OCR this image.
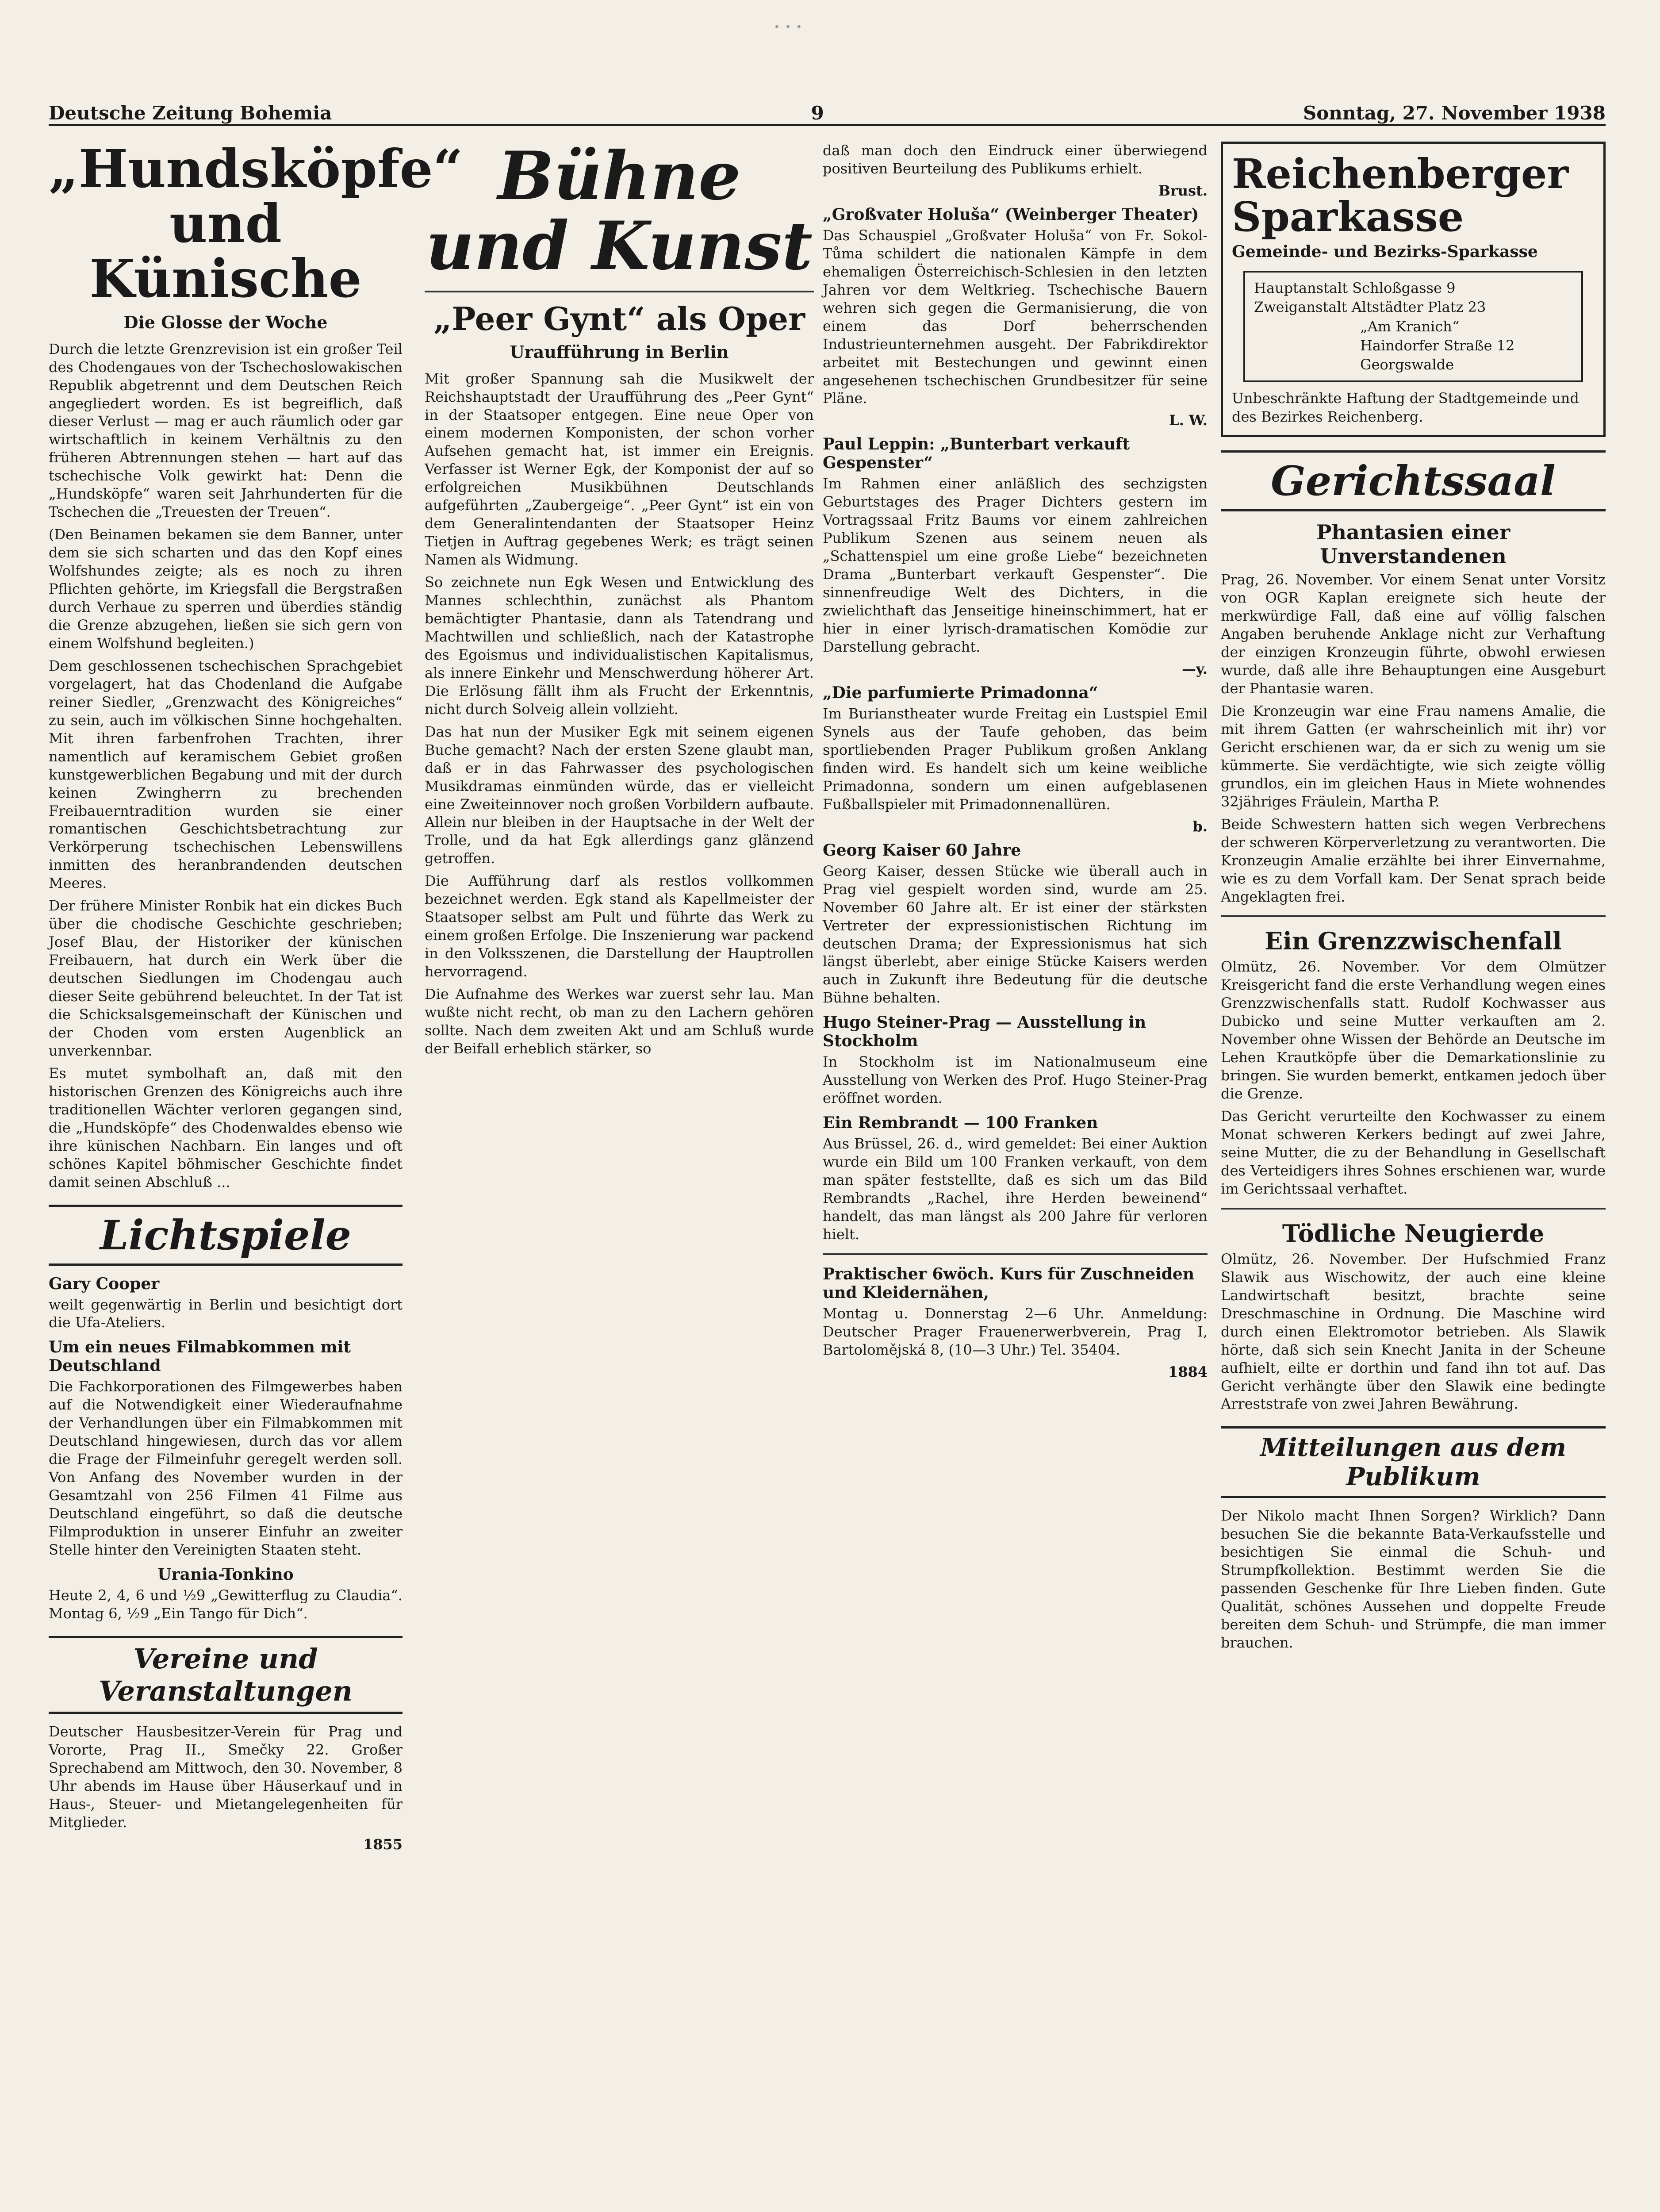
· · ·
Deutsche Zeitung Bohemia	9	Sonntag, 27. November 1938
„Hundsköpfe“
und Künische
Die Glosse der Woche

Durch die letzte Grenzrevision ist ein großer Teil des Chodengaues von der Tschechoslowakischen Republik abgetrennt und dem Deutschen Reich angegliedert worden. Es ist begreiflich, daß dieser Verlust — mag er auch räumlich oder gar wirtschaftlich in keinem Verhältnis zu den früheren Abtrennungen stehen — hart auf das tschechische Volk gewirkt hat: Denn die „Hundsköpfe“ waren seit Jahrhunderten für die Tschechen die „Treuesten der Treuen“.

(Den Beinamen bekamen sie dem Banner, unter dem sie sich scharten und das den Kopf eines Wolfshundes zeigte; als es noch zu ihren Pflichten gehörte, im Kriegsfall die Bergstraßen durch Verhaue zu sperren und überdies ständig die Grenze abzugehen, ließen sie sich gern von einem Wolfshund begleiten.)

Dem geschlossenen tschechischen Sprachgebiet vorgelagert, hat das Chodenland die Aufgabe reiner Siedler, „Grenzwacht des Königreiches“ zu sein, auch im völkischen Sinne hochgehalten. Mit ihren farbenfrohen Trachten, ihrer namentlich auf keramischem Gebiet großen kunstgewerblichen Begabung und mit der durch keinen Zwingherrn zu brechenden Freibauerntradition wurden sie einer romantischen Geschichtsbetrachtung zur Verkörperung tschechischen Lebenswillens inmitten des heranbrandenden deutschen Meeres.

Der frühere Minister Ronbik hat ein dickes Buch über die chodische Geschichte geschrieben; Josef Blau, der Historiker der künischen Freibauern, hat durch ein Werk über die deutschen Siedlungen im Chodengau auch dieser Seite gebührend beleuchtet. In der Tat ist die Schicksalsgemeinschaft der Künischen und der Choden vom ersten Augenblick an unverkennbar.

Es mutet symbolhaft an, daß mit den historischen Grenzen des Königreichs auch ihre traditionellen Wächter verloren gegangen sind, die „Hundsköpfe“ des Chodenwaldes ebenso wie ihre künischen Nachbarn. Ein langes und oft schönes Kapitel böhmischer Geschichte findet damit seinen Abschluß ...

Lichtspiele
Gary Cooper

weilt gegenwärtig in Berlin und besichtigt dort die Ufa-Ateliers.

Um ein neues Filmabkommen mit Deutschland

Die Fachkorporationen des Filmgewerbes haben auf die Notwendigkeit einer Wiederaufnahme der Verhandlungen über ein Filmabkommen mit Deutschland hingewiesen, durch das vor allem die Frage der Filmeinfuhr geregelt werden soll. Von Anfang des November wurden in der Gesamtzahl von 256 Filmen 41 Filme aus Deutschland eingeführt, so daß die deutsche Filmproduktion in unserer Einfuhr an zweiter Stelle hinter den Vereinigten Staaten steht.

Urania-Tonkino

Heute 2, 4, 6 und ½9 „Gewitterflug zu Claudia“. Montag 6, ½9 „Ein Tango für Dich“.

Vereine und Veranstaltungen

Deutscher Hausbesitzer-Verein für Prag und Vororte, Prag II., Smečky 22. Großer Sprechabend am Mittwoch, den 30. November, 8 Uhr abends im Hause über Häuserkauf und in Haus-, Steuer- und Mietangelegenheiten für Mitglieder.

1855
Bühne und Kunst
„Peer Gynt“ als Oper
Uraufführung in Berlin

Mit großer Spannung sah die Musikwelt der Reichshauptstadt der Uraufführung des „Peer Gynt“ in der Staatsoper entgegen. Eine neue Oper von einem modernen Komponisten, der schon vorher Aufsehen gemacht hat, ist immer ein Ereignis. Verfasser ist Werner Egk, der Komponist der auf so erfolgreichen Musikbühnen Deutschlands aufgeführten „Zaubergeige“. „Peer Gynt“ ist ein von dem Generalintendanten der Staatsoper Heinz Tietjen in Auftrag gegebenes Werk; es trägt seinen Namen als Widmung.

So zeichnete nun Egk Wesen und Entwicklung des Mannes schlechthin, zunächst als Phantom bemächtigter Phantasie, dann als Tatendrang und Machtwillen und schließlich, nach der Katastrophe des Egoismus und individualistischen Kapitalismus, als innere Einkehr und Menschwerdung höherer Art. Die Erlösung fällt ihm als Frucht der Erkenntnis, nicht durch Solveig allein vollzieht.

Das hat nun der Musiker Egk mit seinem eigenen Buche gemacht? Nach der ersten Szene glaubt man, daß er in das Fahrwasser des psychologischen Musikdramas einmünden würde, das er vielleicht eine Zweiteinnover noch großen Vorbildern aufbaute. Allein nur bleiben in der Hauptsache in der Welt der Trolle, und da hat Egk allerdings ganz glänzend getroffen.

Die Aufführung darf als restlos vollkommen bezeichnet werden. Egk stand als Kapellmeister der Staatsoper selbst am Pult und führte das Werk zu einem großen Erfolge. Die Inszenierung war packend in den Volksszenen, die Darstellung der Hauptrollen hervorragend.

Die Aufnahme des Werkes war zuerst sehr lau. Man wußte nicht recht, ob man zu den Lachern gehören sollte. Nach dem zweiten Akt und am Schluß wurde der Beifall erheblich stärker, so

daß man doch den Eindruck einer überwiegend positiven Beurteilung des Publikums erhielt.

Brust.
„Großvater Holuša“ (Weinberger Theater)

Das Schauspiel „Großvater Holuša“ von Fr. Sokol-Tůma schildert die nationalen Kämpfe in dem ehemaligen Österreichisch-Schlesien in den letzten Jahren vor dem Weltkrieg. Tschechische Bauern wehren sich gegen die Germanisierung, die von einem das Dorf beherrschenden Industrieunternehmen ausgeht. Der Fabrikdirektor arbeitet mit Bestechungen und gewinnt einen angesehenen tschechischen Grundbesitzer für seine Pläne.

L. W.
Paul Leppin: „Bunterbart verkauft Gespenster“

Im Rahmen einer anläßlich des sechzigsten Geburtstages des Prager Dichters gestern im Vortragssaal Fritz Baums vor einem zahlreichen Publikum Szenen aus seinem neuen als „Schattenspiel um eine große Liebe“ bezeichneten Drama „Bunterbart verkauft Gespenster“. Die sinnenfreudige Welt des Dichters, in die zwielichthaft das Jenseitige hineinschimmert, hat er hier in einer lyrisch-dramatischen Komödie zur Darstellung gebracht.

—y.
„Die parfumierte Primadonna“

Im Burianstheater wurde Freitag ein Lustspiel Emil Synels aus der Taufe gehoben, das beim sportliebenden Prager Publikum großen Anklang finden wird. Es handelt sich um keine weibliche Primadonna, sondern um einen aufgeblasenen Fußballspieler mit Primadonnenallüren.

b.
Georg Kaiser 60 Jahre

Georg Kaiser, dessen Stücke wie überall auch in Prag viel gespielt worden sind, wurde am 25. November 60 Jahre alt. Er ist einer der stärksten Vertreter der expressionistischen Richtung im deutschen Drama; der Expressionismus hat sich längst überlebt, aber einige Stücke Kaisers werden auch in Zukunft ihre Bedeutung für die deutsche Bühne behalten.

Hugo Steiner-Prag — Ausstellung in Stockholm

In Stockholm ist im Nationalmuseum eine Ausstellung von Werken des Prof. Hugo Steiner-Prag eröffnet worden.

Ein Rembrandt — 100 Franken

Aus Brüssel, 26. d., wird gemeldet: Bei einer Auktion wurde ein Bild um 100 Franken verkauft, von dem man später feststellte, daß es sich um das Bild Rembrandts „Rachel, ihre Herden beweinend“ handelt, das man längst als 200 Jahre für verloren hielt.

Praktischer 6wöch. Kurs für Zuschneiden und Kleidernähen,

Montag u. Donnerstag 2—6 Uhr. Anmeldung: Deutscher Prager Frauenerwerbverein, Prag I, Bartolomějská 8, (10—3 Uhr.) Tel. 35404.

1884
Reichenberger
Sparkasse
Gemeinde- und Bezirks-Sparkasse
Hauptanstalt Schloßgasse 9
Zweiganstalt Altstädter Platz 23
„Am Kranich“
Haindorfer Straße 12
Georgswalde
Unbeschränkte Haftung der Stadtgemeinde und des Bezirkes Reichenberg.
Gerichtssaal
Phantasien einer Unverstandenen

Prag, 26. November. Vor einem Senat unter Vorsitz von OGR Kaplan ereignete sich heute der merkwürdige Fall, daß eine auf völlig falschen Angaben beruhende Anklage nicht zur Verhaftung der einzigen Kronzeugin führte, obwohl erwiesen wurde, daß alle ihre Behauptungen eine Ausgeburt der Phantasie waren.

Die Kronzeugin war eine Frau namens Amalie, die mit ihrem Gatten (er wahrscheinlich mit ihr) vor Gericht erschienen war, da er sich zu wenig um sie kümmerte. Sie verdächtigte, wie sich zeigte völlig grundlos, ein im gleichen Haus in Miete wohnendes 32jähriges Fräulein, Martha P.

Beide Schwestern hatten sich wegen Verbrechens der schweren Körperverletzung zu verantworten. Die Kronzeugin Amalie erzählte bei ihrer Einvernahme, wie es zu dem Vorfall kam. Der Senat sprach beide Angeklagten frei.

Ein Grenzzwischenfall

Olmütz, 26. November. Vor dem Olmützer Kreisgericht fand die erste Verhandlung wegen eines Grenzzwischenfalls statt. Rudolf Kochwasser aus Dubicko und seine Mutter verkauften am 2. November ohne Wissen der Behörde an Deutsche im Lehen Krautköpfe über die Demarkationslinie zu bringen. Sie wurden bemerkt, entkamen jedoch über die Grenze.

Das Gericht verurteilte den Kochwasser zu einem Monat schweren Kerkers bedingt auf zwei Jahre, seine Mutter, die zu der Behandlung in Gesellschaft des Verteidigers ihres Sohnes erschienen war, wurde im Gerichtssaal verhaftet.

Tödliche Neugierde

Olmütz, 26. November. Der Hufschmied Franz Slawik aus Wischowitz, der auch eine kleine Landwirtschaft besitzt, brachte seine Dreschmaschine in Ordnung. Die Maschine wird durch einen Elektromotor betrieben. Als Slawik hörte, daß sich sein Knecht Janita in der Scheune aufhielt, eilte er dorthin und fand ihn tot auf. Das Gericht verhängte über den Slawik eine bedingte Arreststrafe von zwei Jahren Bewährung.

Mitteilungen aus dem Publikum

Der Nikolo macht Ihnen Sorgen? Wirklich? Dann besuchen Sie die bekannte Bata-Verkaufsstelle und besichtigen Sie einmal die Schuh- und Strumpfkollektion. Bestimmt werden Sie die passenden Geschenke für Ihre Lieben finden. Gute Qualität, schönes Aussehen und doppelte Freude bereiten dem Schuh- und Strümpfe, die man immer brauchen.
